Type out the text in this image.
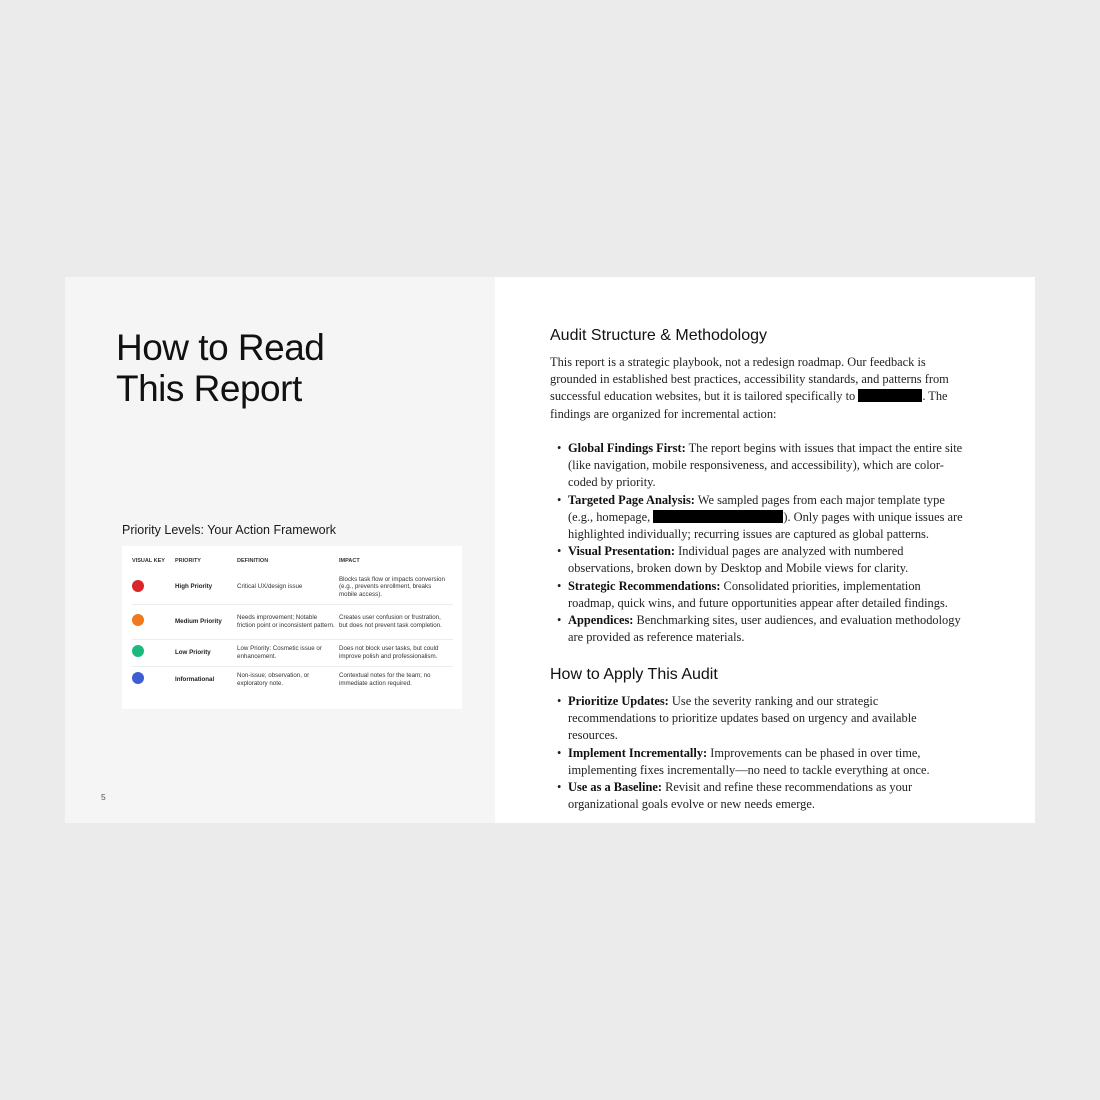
How to Read
This Report
Priority Levels: Your Action Framework
VISUAL KEY	PRIORITY	DEFINITION	IMPACT
	High Priority	Critical UX/design issue	Blocks task flow or impacts conversion (e.g., prevents enrollment, breaks mobile access).
	Medium Priority	Needs improvement; Notable friction point or inconsistent pattern.	Creates user confusion or frustration, but does not prevent task completion.
	Low Priority	Low Priority: Cosmetic issue or enhancement.	Does not block user tasks, but could improve polish and professionalism.
	Informational	Non-issue; observation, or exploratory note.	Contextual notes for the team; no immediate action required.
5
Audit Structure & Methodology

This report is a strategic playbook, not a redesign roadmap. Our feedback is grounded in established best practices, accessibility standards, and patterns from successful education websites, but it is tailored specifically to	. The findings are organized for incremental action:

• Global Findings First: The report begins with issues that impact the entire site (like navigation, mobile responsiveness, and accessibility), which are color-coded by priority.
• Targeted Page Analysis: We sampled pages from each major template type (e.g., homepage,	). Only pages with unique issues are highlighted individually; recurring issues are captured as global patterns.
• Visual Presentation: Individual pages are analyzed with numbered observations, broken down by Desktop and Mobile views for clarity.
• Strategic Recommendations: Consolidated priorities, implementation roadmap, quick wins, and future opportunities appear after detailed findings.
• Appendices: Benchmarking sites, user audiences, and evaluation methodology are provided as reference materials.
How to Apply This Audit
• Prioritize Updates: Use the severity ranking and our strategic recommendations to prioritize updates based on urgency and available resources.
• Implement Incrementally: Improvements can be phased in over time, implementing fixes incrementally—no need to tackle everything at once.
• Use as a Baseline: Revisit and refine these recommendations as your organizational goals evolve or new needs emerge.
